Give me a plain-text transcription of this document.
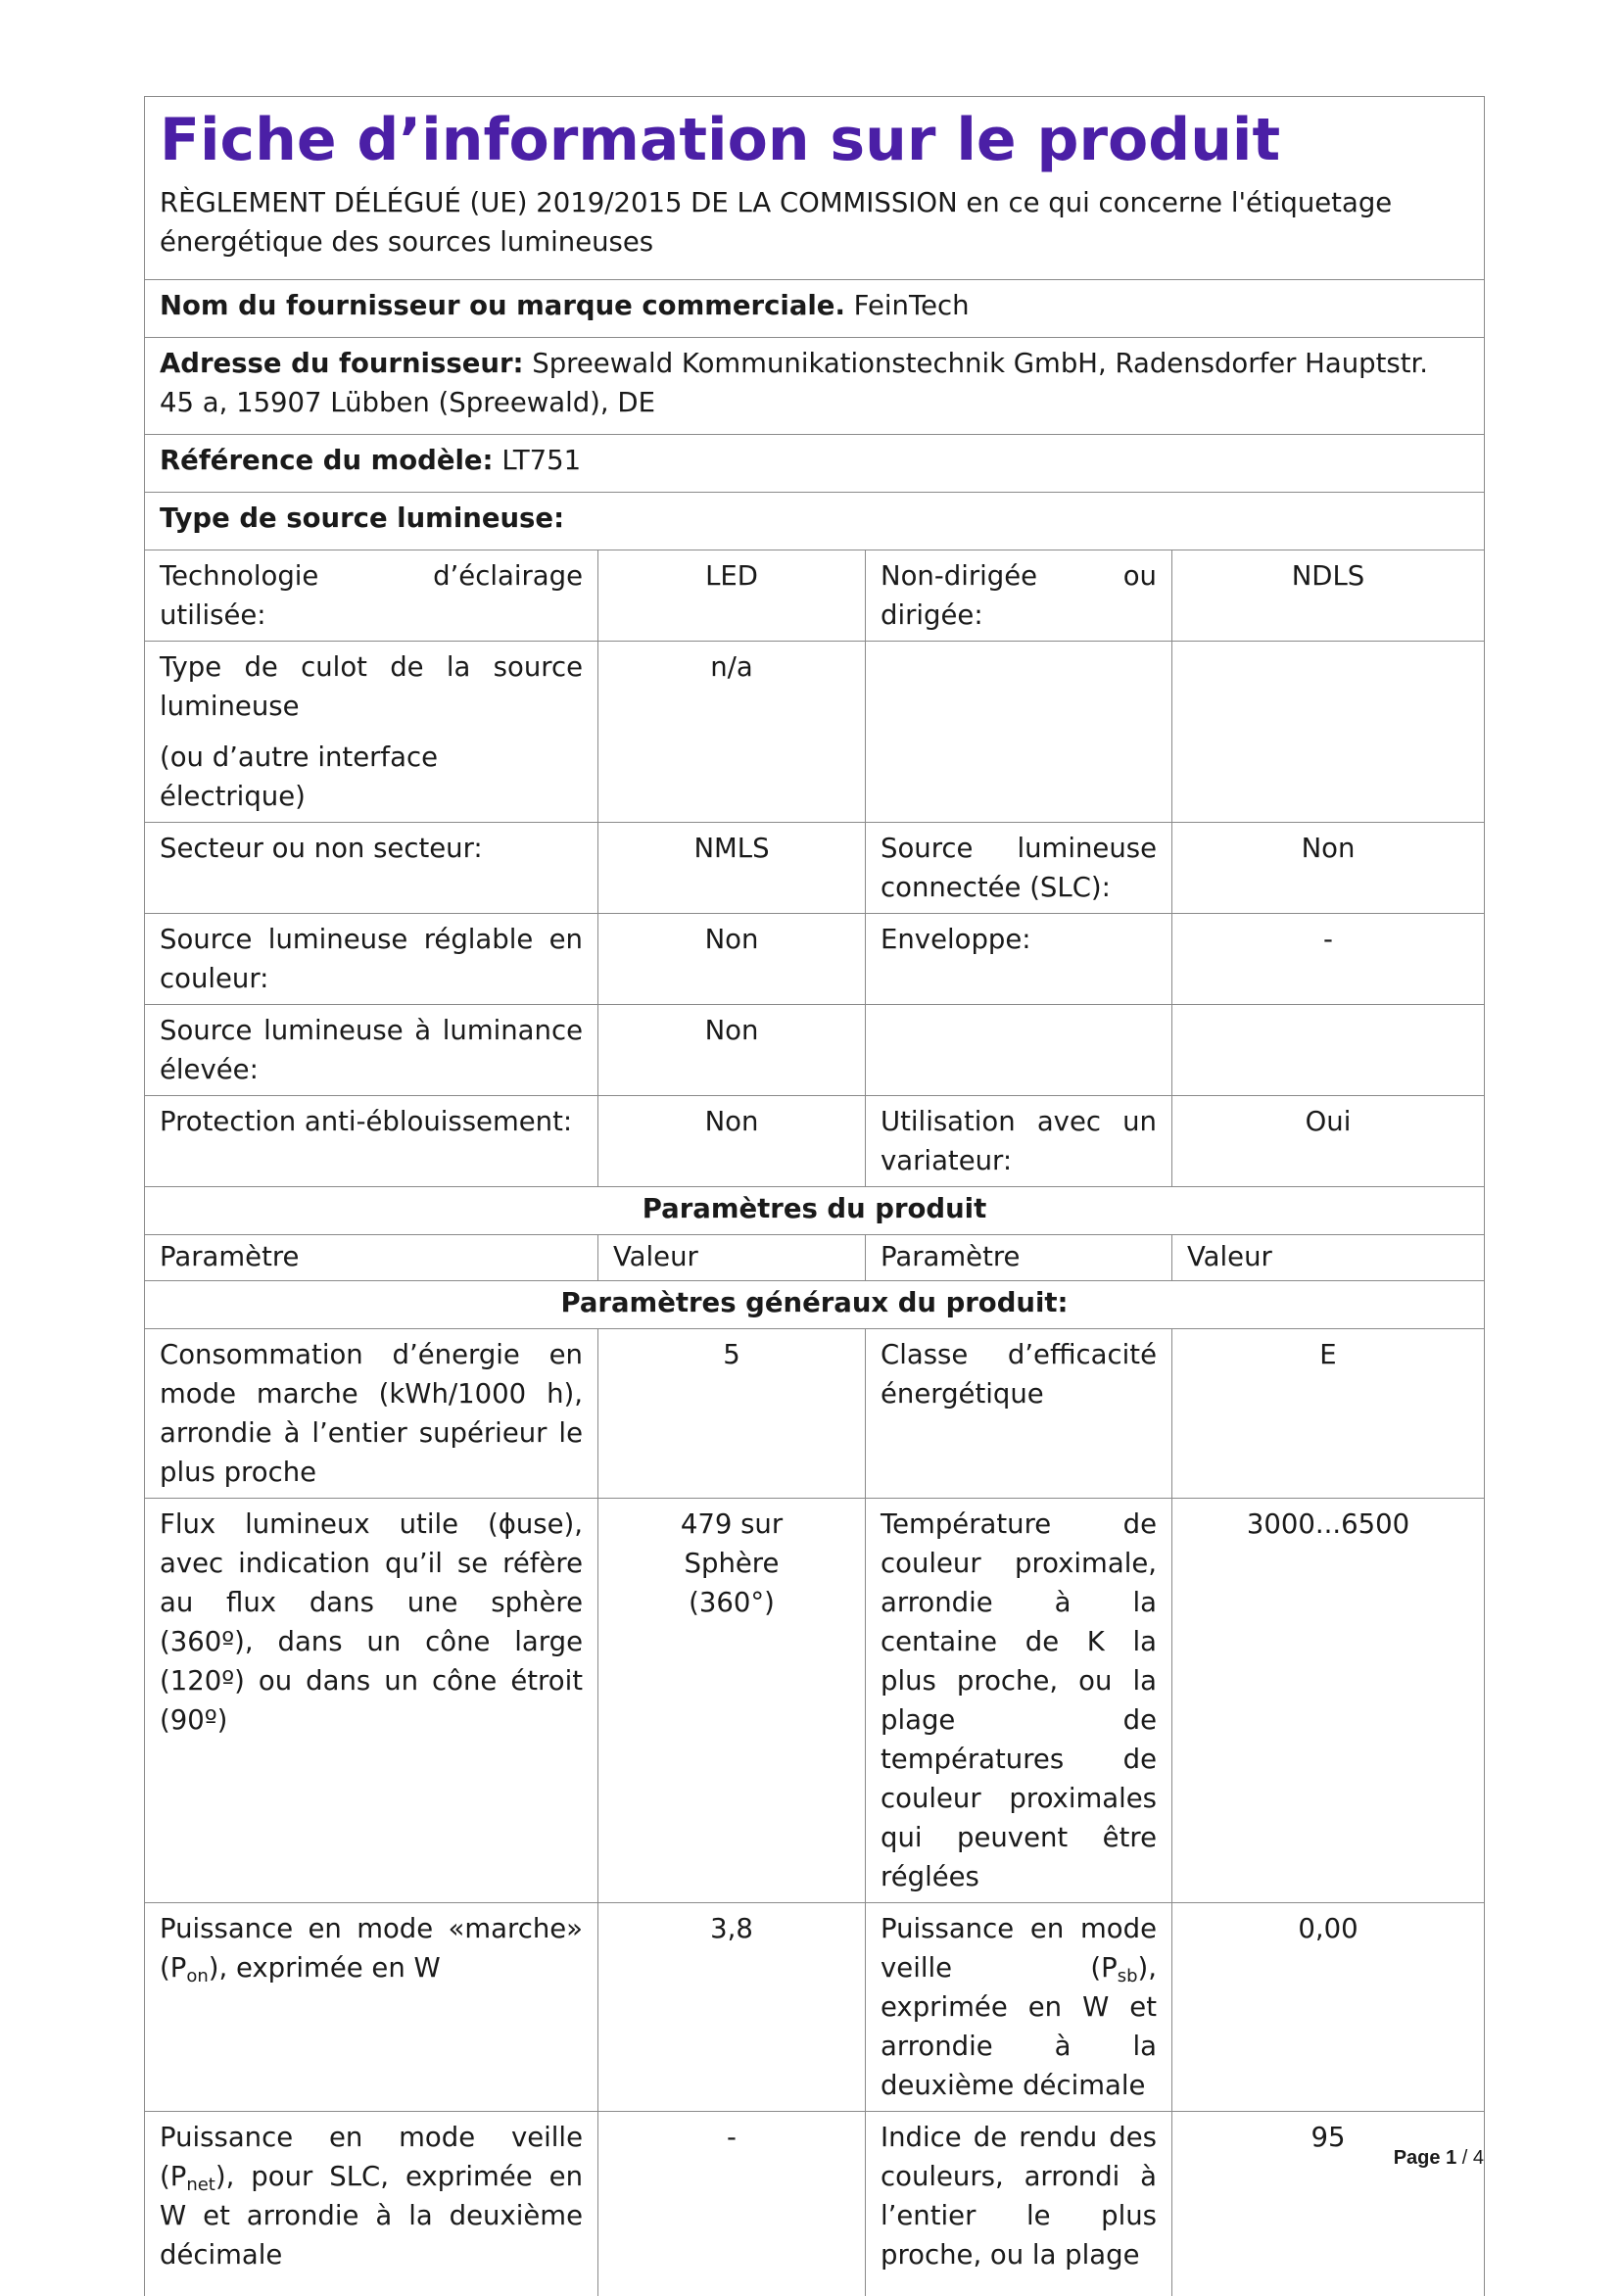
Fiche d’information sur le produit
RÈGLEMENT DÉLÉGUÉ (UE) 2019/2015 DE LA COMMISSION en ce qui concerne l'étiquetage énergétique des sources lumineuses			

Nom du fournisseur ou marque commerciale. FeinTech			
Adresse du fournisseur: Spreewald Kommunikationstechnik GmbH, Radensdorfer Hauptstr. 45 a, 15907 Lübben (Spreewald), DE			
Référence du modèle: LT751			
Type de source lumineuse:			
Technologie d’éclairage utilisée:	LED	Non-dirigée ou dirigée:	NDLS

Type de culot de la source lumineuse
(ou d’autre interface électrique)	n/a		
Secteur ou non secteur:	NMLS	Source lumineuse connectée (SLC):	Non
Source lumineuse réglable en couleur:	Non	Enveloppe:	-
Source lumineuse à luminance élevée:	Non		
Protection anti-éblouissement:	Non	Utilisation avec un variateur:	Oui
Paramètres du produit			
Paramètre	Valeur	Paramètre	Valeur
Paramètres généraux du produit:			
Consommation d’énergie en mode marche (kWh/1000 h), arrondie à l’entier supérieur le plus proche	5	Classe d’efficacité énergétique	E
Flux lumineux utile (ɸuse), avec indication qu’il se réfère au flux dans une sphère (360º), dans un cône large (120º) ou dans un cône étroit (90º)	479 sur Sphère (360°)	Température de couleur proximale, arrondie à la centaine de K la plus proche, ou la plage de températures de couleur proximales qui peuvent être réglées	3000...6500
Puissance en mode «marche» $(P_{on})$, exprimée en W	3,8	Puissance en mode veille $(P_{sb})$, exprimée en W et arrondie à la deuxième décimale	0,00
Puissance en mode veille $(P_{net})$, pour SLC, exprimée en W et arrondie à la deuxième décimale	-	Indice de rendu des couleurs, arrondi à l’entier le plus proche, ou la plage	95
Page 1 / 4
